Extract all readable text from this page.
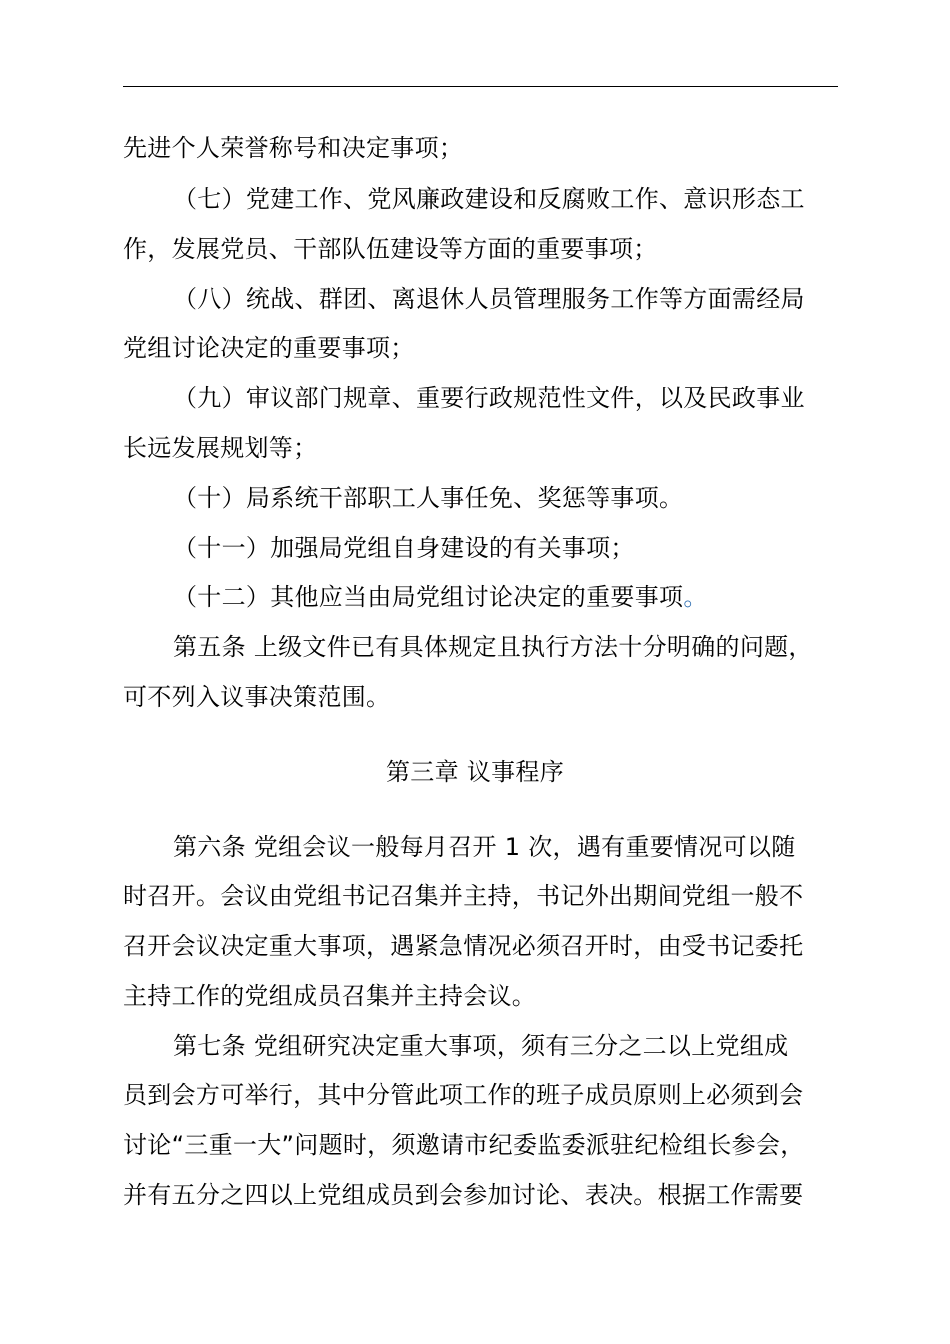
先进个人荣誉称号和决定事项；
（七）党建工作、党风廉政建设和反腐败工作、意识形态工
作，发展党员、干部队伍建设等方面的重要事项；
（八）统战、群团、离退休人员管理服务工作等方面需经局
党组讨论决定的重要事项；
（九）审议部门规章、重要行政规范性文件，以及民政事业
长远发展规划等；
（十）局系统干部职工人事任免、奖惩等事项。
（十一）加强局党组自身建设的有关事项；
（十二）其他应当由局党组讨论决定的重要事项。
第五条 上级文件已有具体规定且执行方法十分明确的问题，
可不列入议事决策范围。
第三章 议事程序
第六条 党组会议一般每月召开 1 次，遇有重要情况可以随
时召开。会议由党组书记召集并主持，书记外出期间党组一般不
召开会议决定重大事项，遇紧急情况必须召开时，由受书记委托
主持工作的党组成员召集并主持会议。
第七条 党组研究决定重大事项，须有三分之二以上党组成
员到会方可举行，其中分管此项工作的班子成员原则上必须到会
讨论“三重一大”问题时，须邀请市纪委监委派驻纪检组长参会，
并有五分之四以上党组成员到会参加讨论、表决。根据工作需要
